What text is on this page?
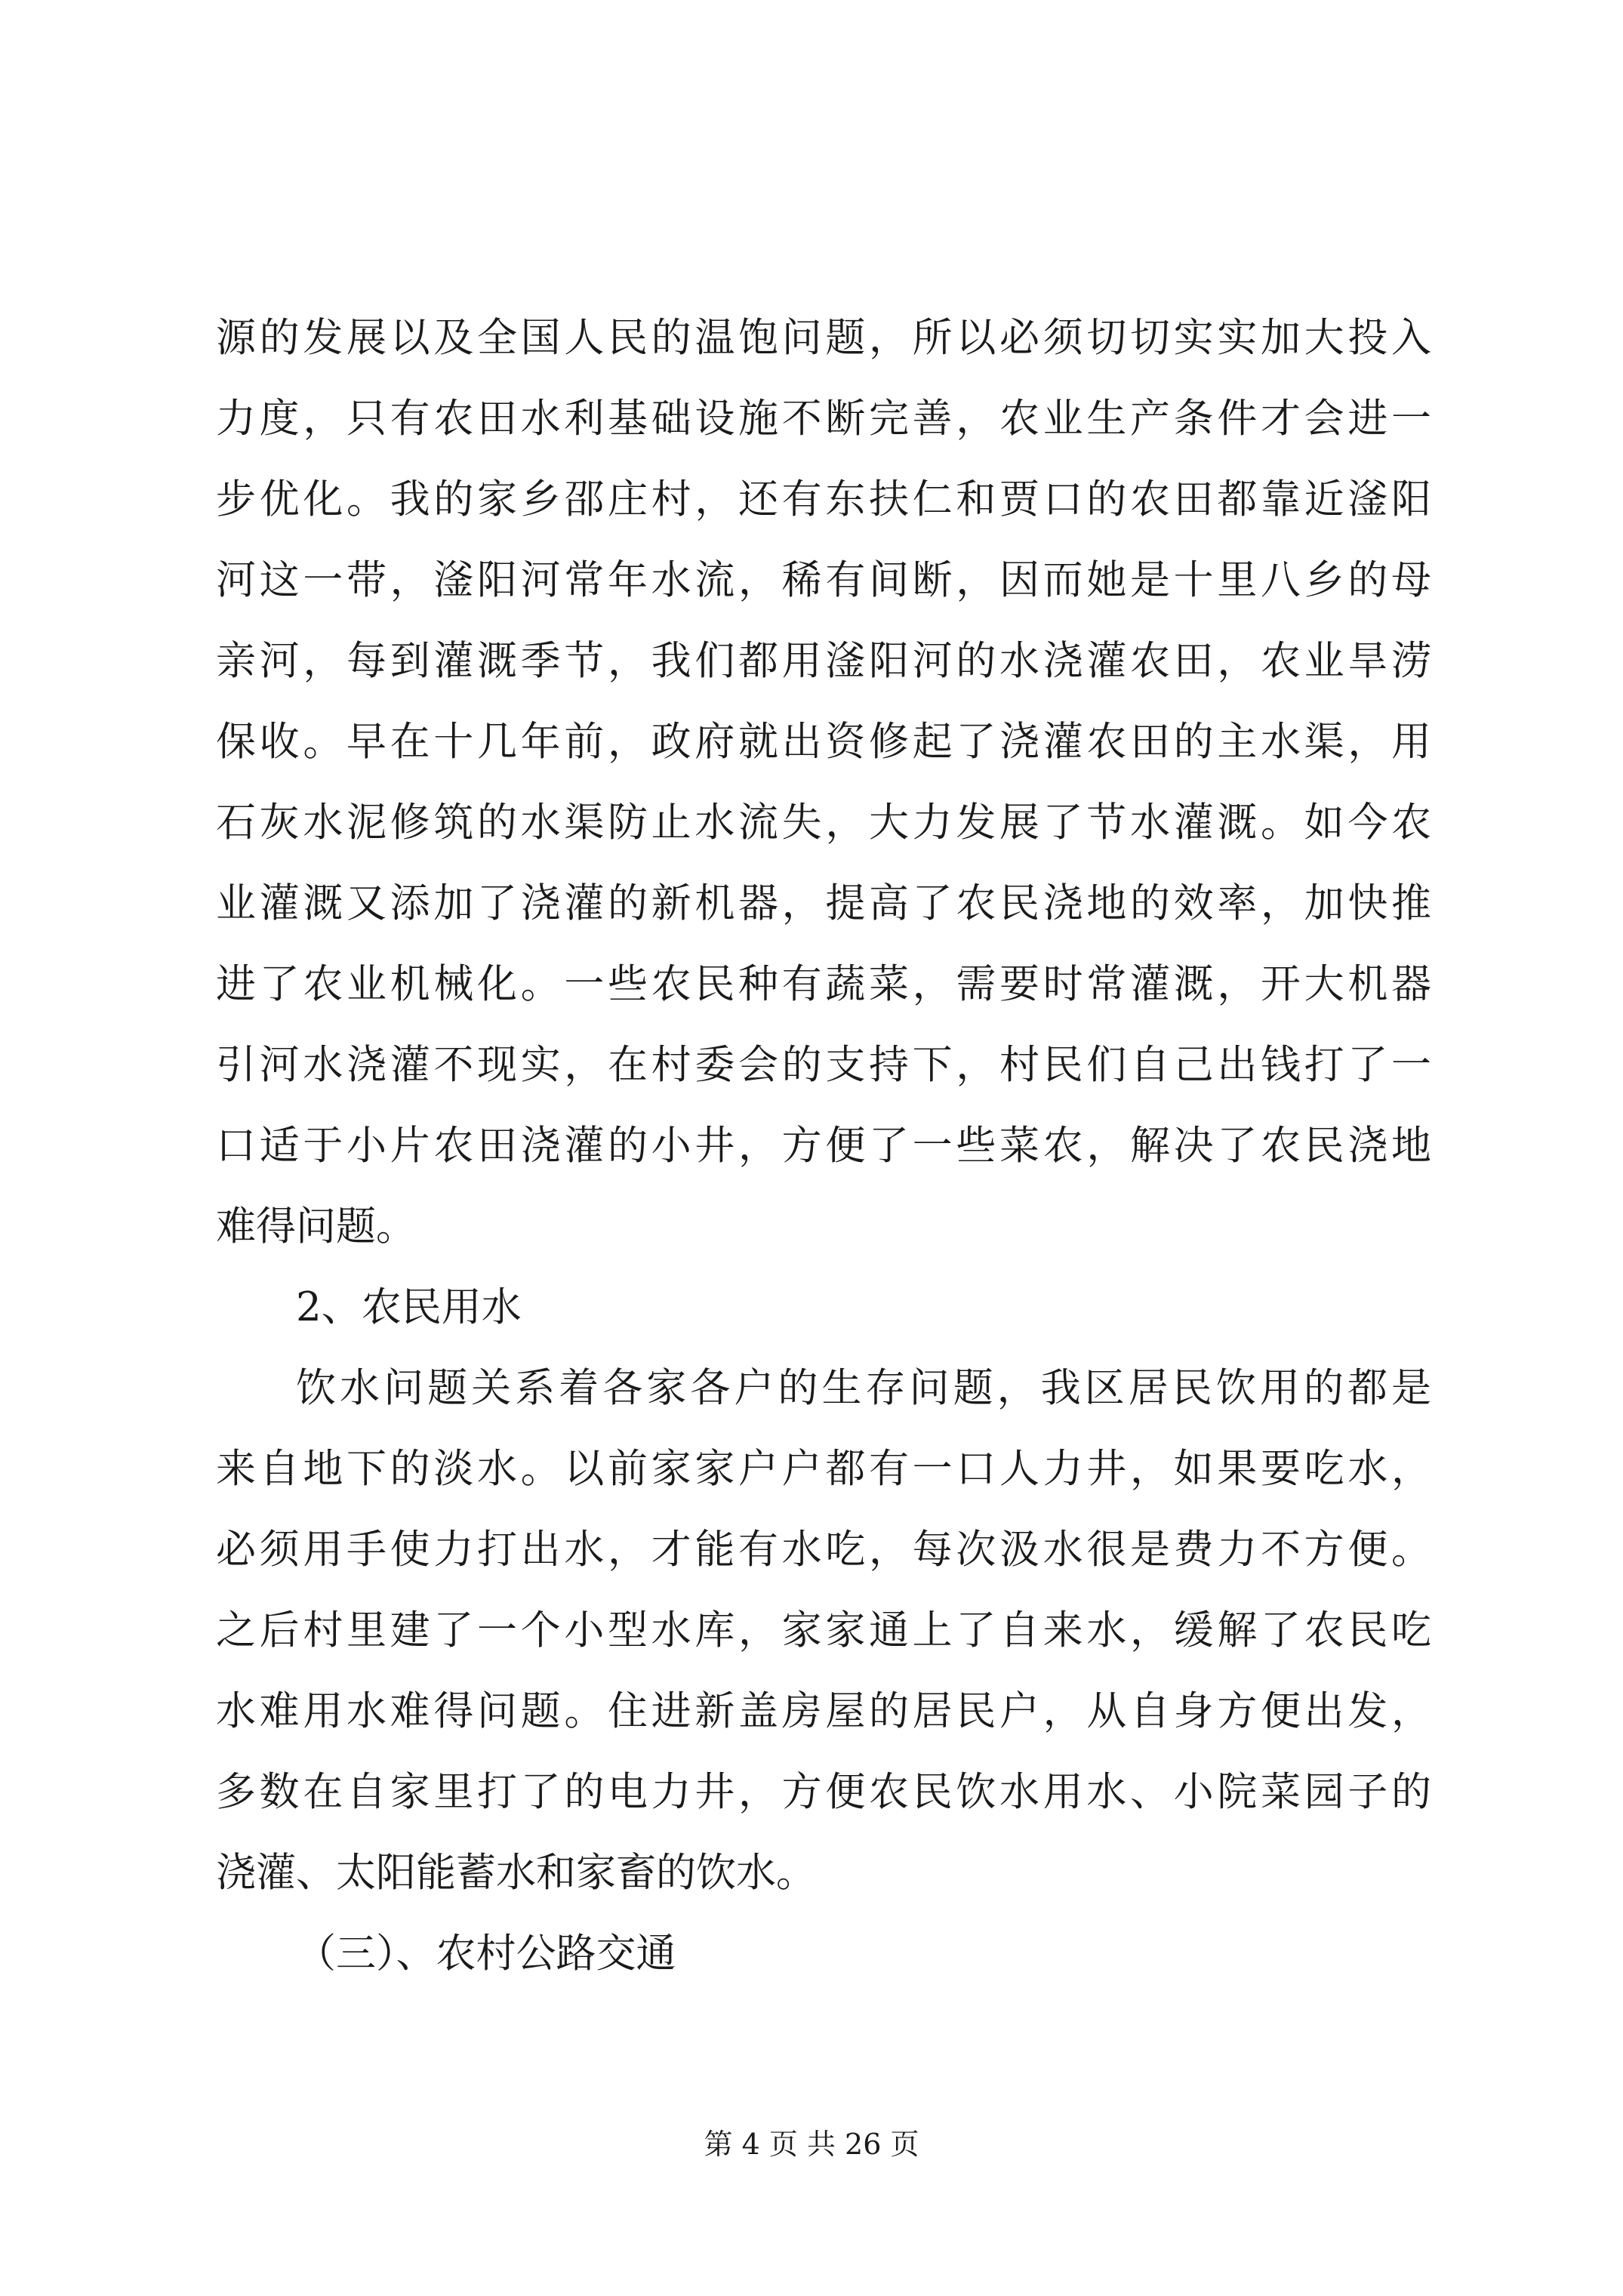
源的发展以及全国人民的温饱问题，所以必须切切实实加大投入
力度，只有农田水利基础设施不断完善，农业生产条件才会进一
步优化。我的家乡邵庄村，还有东扶仁和贾口的农田都靠近滏阳
河这一带，滏阳河常年水流，稀有间断，因而她是十里八乡的母
亲河，每到灌溉季节，我们都用滏阳河的水浇灌农田，农业旱涝
保收。早在十几年前，政府就出资修起了浇灌农田的主水渠，用
石灰水泥修筑的水渠防止水流失，大力发展了节水灌溉。如今农
业灌溉又添加了浇灌的新机器，提高了农民浇地的效率，加快推
进了农业机械化。一些农民种有蔬菜，需要时常灌溉，开大机器
引河水浇灌不现实，在村委会的支持下，村民们自己出钱打了一
口适于小片农田浇灌的小井，方便了一些菜农，解决了农民浇地
难得问题。
2、农民用水
饮水问题关系着各家各户的生存问题，我区居民饮用的都是
来自地下的淡水。以前家家户户都有一口人力井，如果要吃水，
必须用手使力打出水，才能有水吃，每次汲水很是费力不方便。
之后村里建了一个小型水库，家家通上了自来水，缓解了农民吃
水难用水难得问题。住进新盖房屋的居民户，从自身方便出发，
多数在自家里打了的电力井，方便农民饮水用水、小院菜园子的
浇灌、太阳能蓄水和家畜的饮水。
（三）、农村公路交通
第 4 页 共 26 页
